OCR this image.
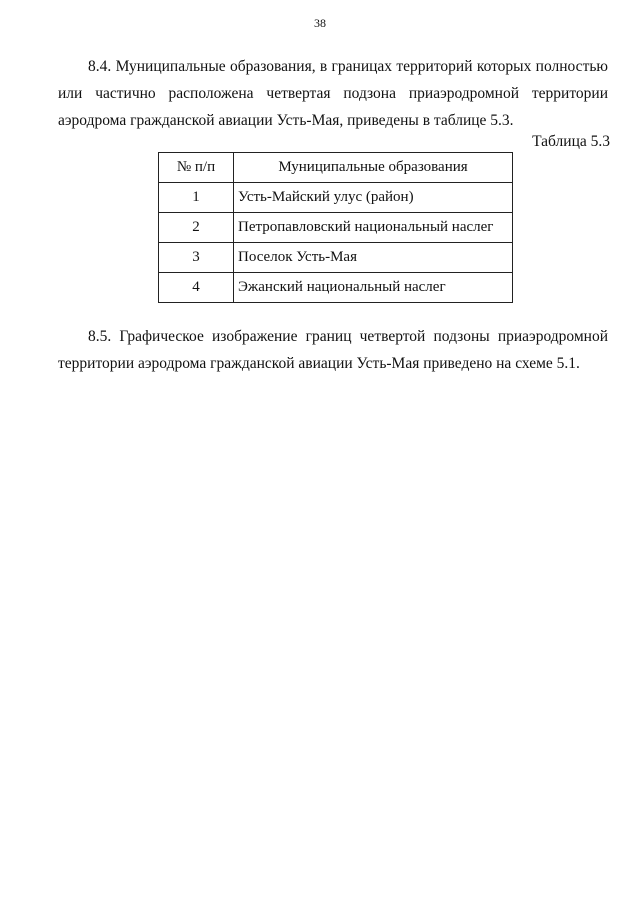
38

8.4. Муниципальные образования, в границах территорий которых полностью или частично расположена четвертая подзона приаэродромной территории аэродрома гражданской авиации Усть-Мая, приведены в таблице 5.3.

Таблица 5.3
№ п/п	Муниципальные образования
1	Усть-Майский улус (район)
2	Петропавловский национальный наслег
3	Поселок Усть-Мая
4	Эжанский национальный наслег

8.5. Графическое изображение границ четвертой подзоны приаэродромной территории аэродрома гражданской авиации Усть-Мая приведено на схеме 5.1.
